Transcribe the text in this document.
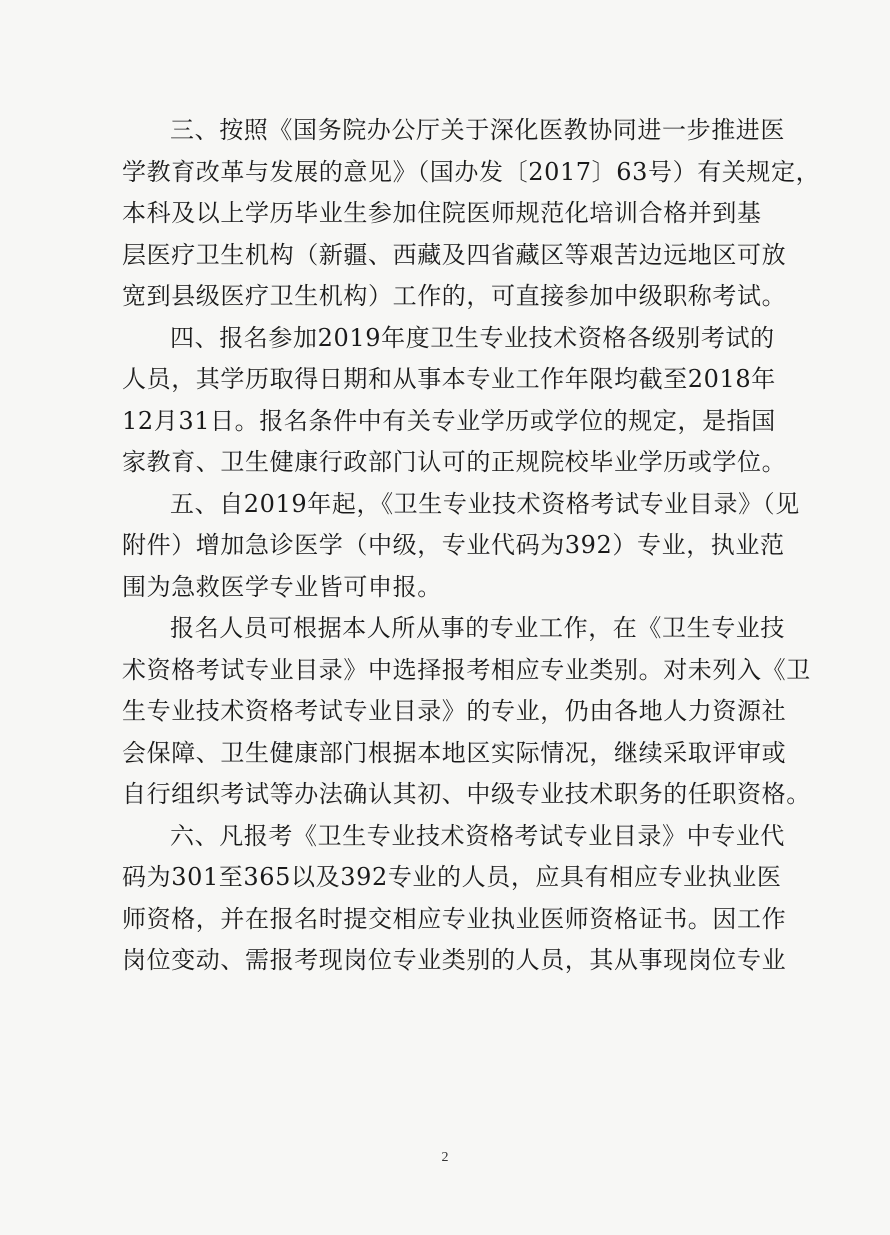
三、按照《国务院办公厅关于深化医教协同进一步推进医
学教育改革与发展的意见》（国办发〔2017〕63号）有关规定，
本科及以上学历毕业生参加住院医师规范化培训合格并到基
层医疗卫生机构（新疆、西藏及四省藏区等艰苦边远地区可放
宽到县级医疗卫生机构）工作的，可直接参加中级职称考试。

四、报名参加2019年度卫生专业技术资格各级别考试的
人员，其学历取得日期和从事本专业工作年限均截至2018年
12月31日。报名条件中有关专业学历或学位的规定，是指国
家教育、卫生健康行政部门认可的正规院校毕业学历或学位。

五、自2019年起，《卫生专业技术资格考试专业目录》（见
附件）增加急诊医学（中级，专业代码为392）专业，执业范
围为急救医学专业皆可申报。

报名人员可根据本人所从事的专业工作，在《卫生专业技
术资格考试专业目录》中选择报考相应专业类别。对未列入《卫
生专业技术资格考试专业目录》的专业，仍由各地人力资源社
会保障、卫生健康部门根据本地区实际情况，继续采取评审或
自行组织考试等办法确认其初、中级专业技术职务的任职资格。

六、凡报考《卫生专业技术资格考试专业目录》中专业代
码为301至365以及392专业的人员，应具有相应专业执业医
师资格，并在报名时提交相应专业执业医师资格证书。因工作
岗位变动、需报考现岗位专业类别的人员，其从事现岗位专业

2
